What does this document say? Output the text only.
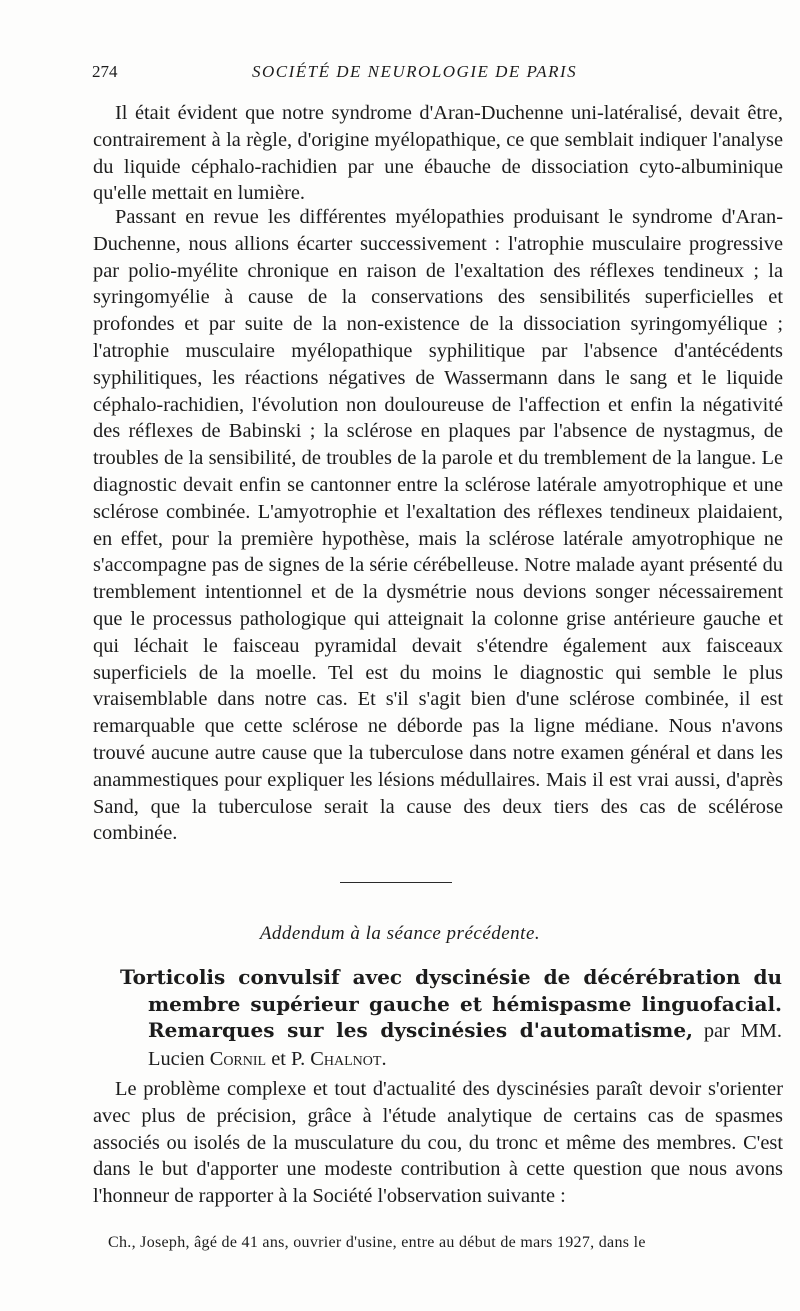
274	SOCIÉTÉ DE NEUROLOGIE DE PARIS

Il était évident que notre syndrome d'Aran-Duchenne uni-latéralisé, devait être, contrairement à la règle, d'origine myélopathique, ce que semblait indiquer l'analyse du liquide céphalo-rachidien par une ébauche de dissociation cyto-albuminique qu'elle mettait en lumière.

Passant en revue les différentes myélopathies produisant le syndrome d'Aran-Duchenne, nous allions écarter successivement : l'atrophie musculaire progressive par polio-myélite chronique en raison de l'exaltation des réflexes tendineux ; la syringomyélie à cause de la conservations des sensibilités superficielles et profondes et par suite de la non-existence de la dissociation syringomyélique ; l'atrophie musculaire myélopathique syphilitique par l'absence d'antécédents syphilitiques, les réactions négatives de Wassermann dans le sang et le liquide céphalo-rachidien, l'évolution non douloureuse de l'affection et enfin la négativité des réflexes de Babinski ; la sclérose en plaques par l'absence de nystagmus, de troubles de la sensibilité, de troubles de la parole et du tremblement de la langue. Le diagnostic devait enfin se cantonner entre la sclérose latérale amyotrophique et une sclérose combinée. L'amyotrophie et l'exaltation des réflexes tendineux plaidaient, en effet, pour la première hypothèse, mais la sclérose latérale amyotrophique ne s'accompagne pas de signes de la série cérébelleuse. Notre malade ayant présenté du tremblement intentionnel et de la dysmétrie nous devions songer nécessairement que le processus pathologique qui atteignait la colonne grise antérieure gauche et qui léchait le faisceau pyramidal devait s'étendre également aux faisceaux superficiels de la moelle. Tel est du moins le diagnostic qui semble le plus vraisemblable dans notre cas. Et s'il s'agit bien d'une sclérose combinée, il est remarquable que cette sclérose ne déborde pas la ligne médiane. Nous n'avons trouvé aucune autre cause que la tuberculose dans notre examen général et dans les anammestiques pour expliquer les lésions médullaires. Mais il est vrai aussi, d'après Sand, que la tuberculose serait la cause des deux tiers des cas de scélérose combinée.

Addendum à la séance précédente.

Torticolis convulsif avec dyscinésie de décérébration du membre supérieur gauche et hémispasme linguofacial. Remarques sur les dyscinésies d'automatisme, par MM. Lucien Cornil et P. Chalnot.

Le problème complexe et tout d'actualité des dyscinésies paraît devoir s'orienter avec plus de précision, grâce à l'étude analytique de certains cas de spasmes associés ou isolés de la musculature du cou, du tronc et même des membres. C'est dans le but d'apporter une modeste contribution à cette question que nous avons l'honneur de rapporter à la Société l'observation suivante :

Ch., Joseph, âgé de 41 ans, ouvrier d'usine, entre au début de mars 1927, dans le
